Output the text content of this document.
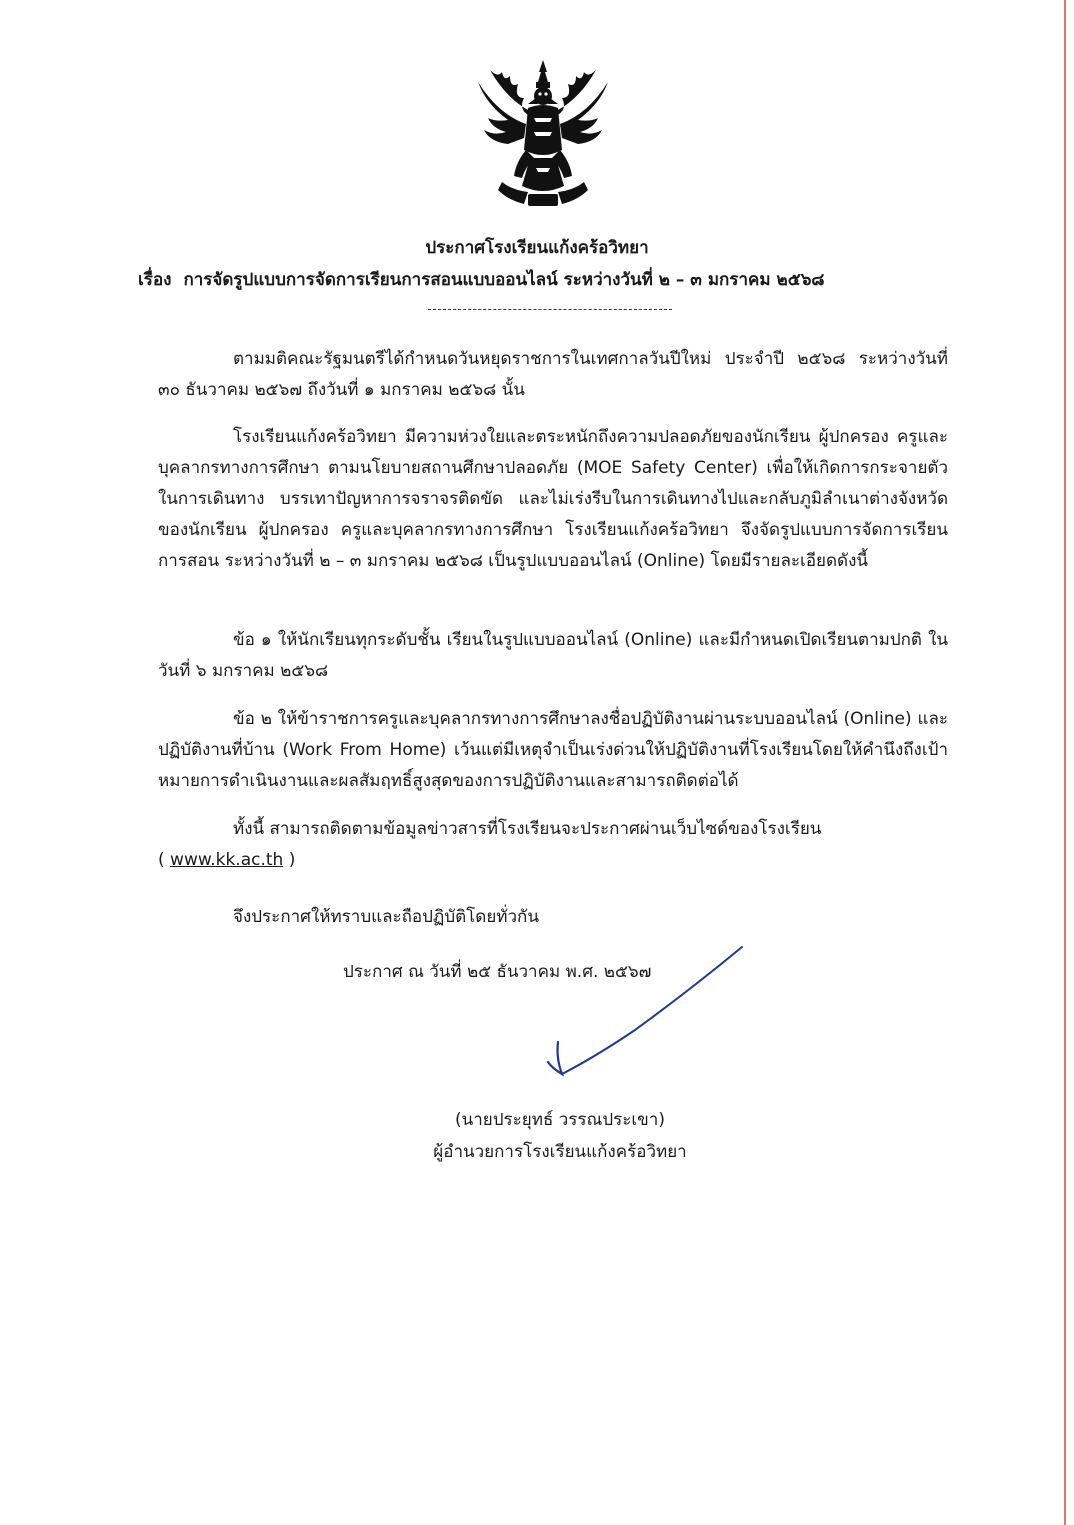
ประกาศโรงเรียนแก้งคร้อวิทยา
เรื่อง การจัดรูปแบบการจัดการเรียนการสอนแบบออนไลน์ ระหว่างวันที่ ๒ – ๓ มกราคม ๒๕๖๘
ตามมติคณะรัฐมนตรีได้กำหนดวันหยุดราชการในเทศกาลวันปีใหม่ ประจำปี ๒๕๖๘ ระหว่างวันที่ ๓๐ ธันวาคม ๒๕๖๗ ถึงวันที่ ๑ มกราคม ๒๕๖๘ นั้น
โรงเรียนแก้งคร้อวิทยา มีความห่วงใยและตระหนักถึงความปลอดภัยของนักเรียน ผู้ปกครอง ครูและบุคลากรทางการศึกษา ตามนโยบายสถานศึกษาปลอดภัย (MOE Safety Center) เพื่อให้เกิดการกระจายตัวในการเดินทาง บรรเทาปัญหาการจราจรติดขัด และไม่เร่งรีบในการเดินทางไปและกลับภูมิลำเนาต่างจังหวัดของนักเรียน ผู้ปกครอง ครูและบุคลากรทางการศึกษา โรงเรียนแก้งคร้อวิทยา จึงจัดรูปแบบการจัดการเรียนการสอน ระหว่างวันที่ ๒ – ๓ มกราคม ๒๕๖๘ เป็นรูปแบบออนไลน์ (Online) โดยมีรายละเอียดดังนี้
ข้อ ๑ ให้นักเรียนทุกระดับชั้น เรียนในรูปแบบออนไลน์ (Online) และมีกำหนดเปิดเรียนตามปกติ ในวันที่ ๖ มกราคม ๒๕๖๘
ข้อ ๒ ให้ข้าราชการครูและบุคลากรทางการศึกษาลงชื่อปฏิบัติงานผ่านระบบออนไลน์ (Online) และปฏิบัติงานที่บ้าน (Work From Home) เว้นแต่มีเหตุจำเป็นเร่งด่วนให้ปฏิบัติงานที่โรงเรียนโดยให้คำนึงถึงเป้าหมายการดำเนินงานและผลสัมฤทธิ์สูงสุดของการปฏิบัติงานและสามารถติดต่อได้
ทั้งนี้ สามารถติดตามข้อมูลข่าวสารที่โรงเรียนจะประกาศผ่านเว็บไซด์ของโรงเรียน
( www.kk.ac.th )
จึงประกาศให้ทราบและถือปฏิบัติโดยทั่วกัน
ประกาศ ณ วันที่ ๒๕ ธันวาคม พ.ศ. ๒๕๖๗
(นายประยุทธ์ วรรณประเขา)
ผู้อำนวยการโรงเรียนแก้งคร้อวิทยา
